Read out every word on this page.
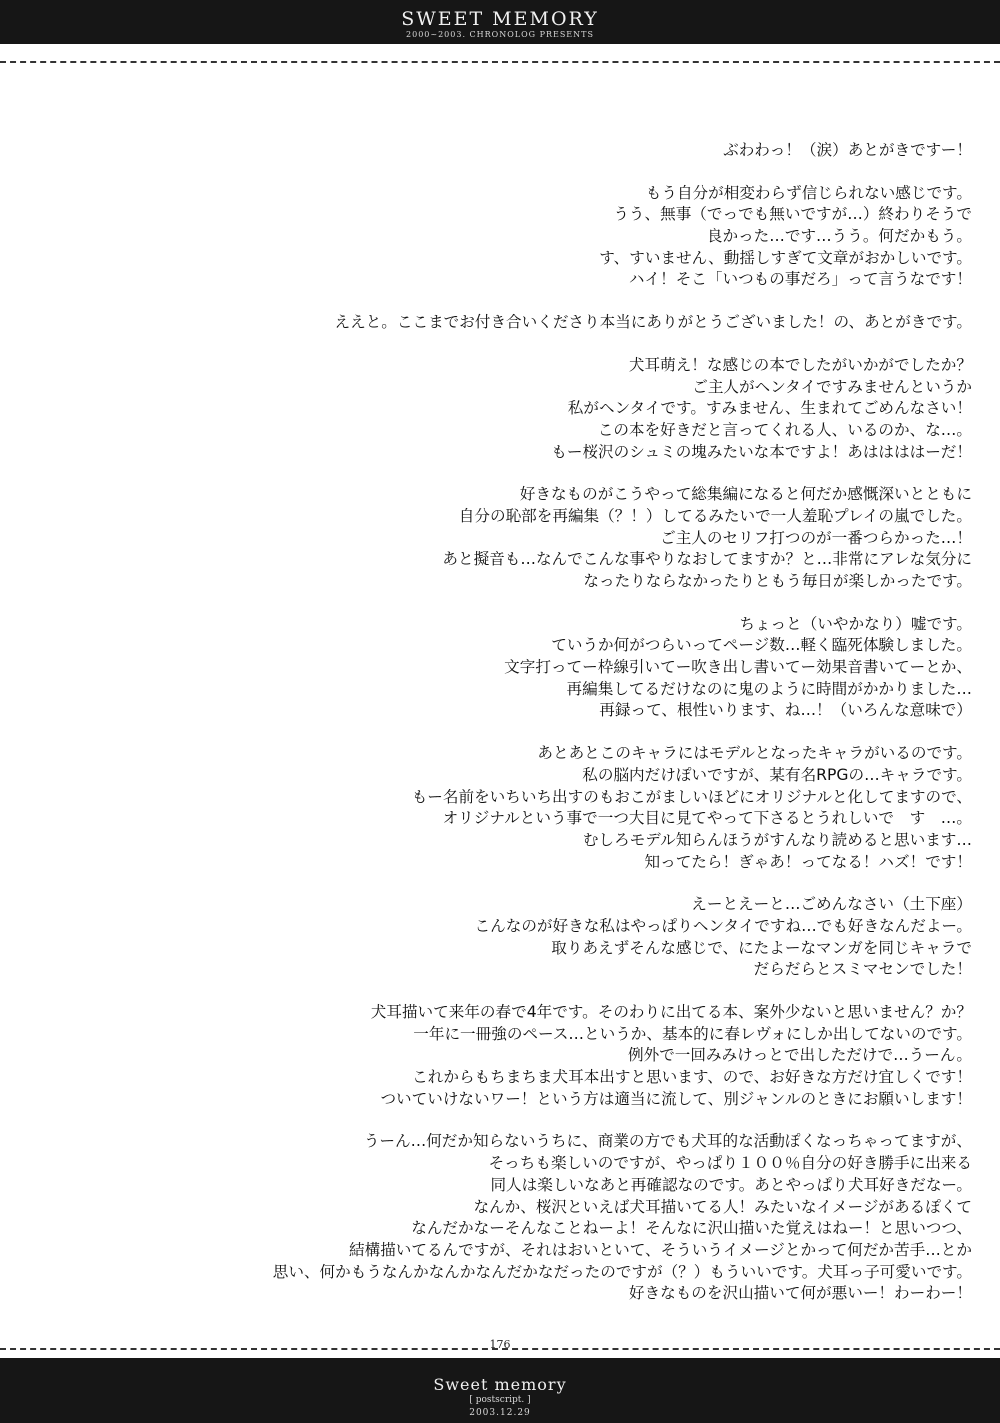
SWEET MEMORY
2000~2003. CHRONOLOG PRESENTS
ぶわわっ！（涙）あとがきですー！
もう自分が相変わらず信じられない感じです。
うう、無事（でっでも無いですが…）終わりそうで
良かった…です…うう。何だかもう。
す、すいません、動揺しすぎて文章がおかしいです。
ハイ！そこ「いつもの事だろ」って言うなです！
ええと。ここまでお付き合いくださり本当にありがとうございました！の、あとがきです。
犬耳萌え！な感じの本でしたがいかがでしたか？
ご主人がヘンタイですみませんというか
私がヘンタイです。すみません、生まれてごめんなさい！
この本を好きだと言ってくれる人、いるのか、な…。
もー桜沢のシュミの塊みたいな本ですよ！あははははーだ！
好きなものがこうやって総集編になると何だか感慨深いとともに
自分の恥部を再編集（？！）してるみたいで一人羞恥プレイの嵐でした。
ご主人のセリフ打つのが一番つらかった…！
あと擬音も…なんでこんな事やりなおしてますか？と…非常にアレな気分に
なったりならなかったりともう毎日が楽しかったです。
ちょっと（いやかなり）嘘です。
ていうか何がつらいってページ数…軽く臨死体験しました。
文字打ってー枠線引いてー吹き出し書いてー効果音書いてーとか、
再編集してるだけなのに鬼のように時間がかかりました…
再録って、根性いります、ね…！（いろんな意味で）
あとあとこのキャラにはモデルとなったキャラがいるのです。
私の脳内だけぽいですが、某有名RPGの…キャラです。
もー名前をいちいち出すのもおこがましいほどにオリジナルと化してますので、
オリジナルという事で一つ大目に見てやって下さるとうれしいで　す　…。
むしろモデル知らんほうがすんなり読めると思います…
知ってたら！ぎゃあ！ってなる！ハズ！です！
えーとえーと…ごめんなさい（土下座）
こんなのが好きな私はやっぱりヘンタイですね…でも好きなんだよー。
取りあえずそんな感じで、にたよーなマンガを同じキャラで
だらだらとスミマセンでした！
犬耳描いて来年の春で4年です。そのわりに出てる本、案外少ないと思いません？か？
一年に一冊強のペース…というか、基本的に春レヴォにしか出してないのです。
例外で一回みみけっとで出しただけで…うーん。
これからもちまちま犬耳本出すと思います、ので、お好きな方だけ宜しくです！
ついていけないワー！という方は適当に流して、別ジャンルのときにお願いします！
うーん…何だか知らないうちに、商業の方でも犬耳的な活動ぽくなっちゃってますが、
そっちも楽しいのですが、やっぱり１００％自分の好き勝手に出来る
同人は楽しいなあと再確認なのです。あとやっぱり犬耳好きだなー。
なんか、桜沢といえば犬耳描いてる人！みたいなイメージがあるぽくて
なんだかなーそんなことねーよ！そんなに沢山描いた覚えはねー！と思いつつ、
結構描いてるんですが、それはおいといて、そういうイメージとかって何だか苦手…とか
思い、何かもうなんかなんかなんだかなだったのですが（？）もういいです。犬耳っ子可愛いです。
好きなものを沢山描いて何が悪いー！わーわー！
176
Sweet memory
[ postscript. ]
2003.12.29
